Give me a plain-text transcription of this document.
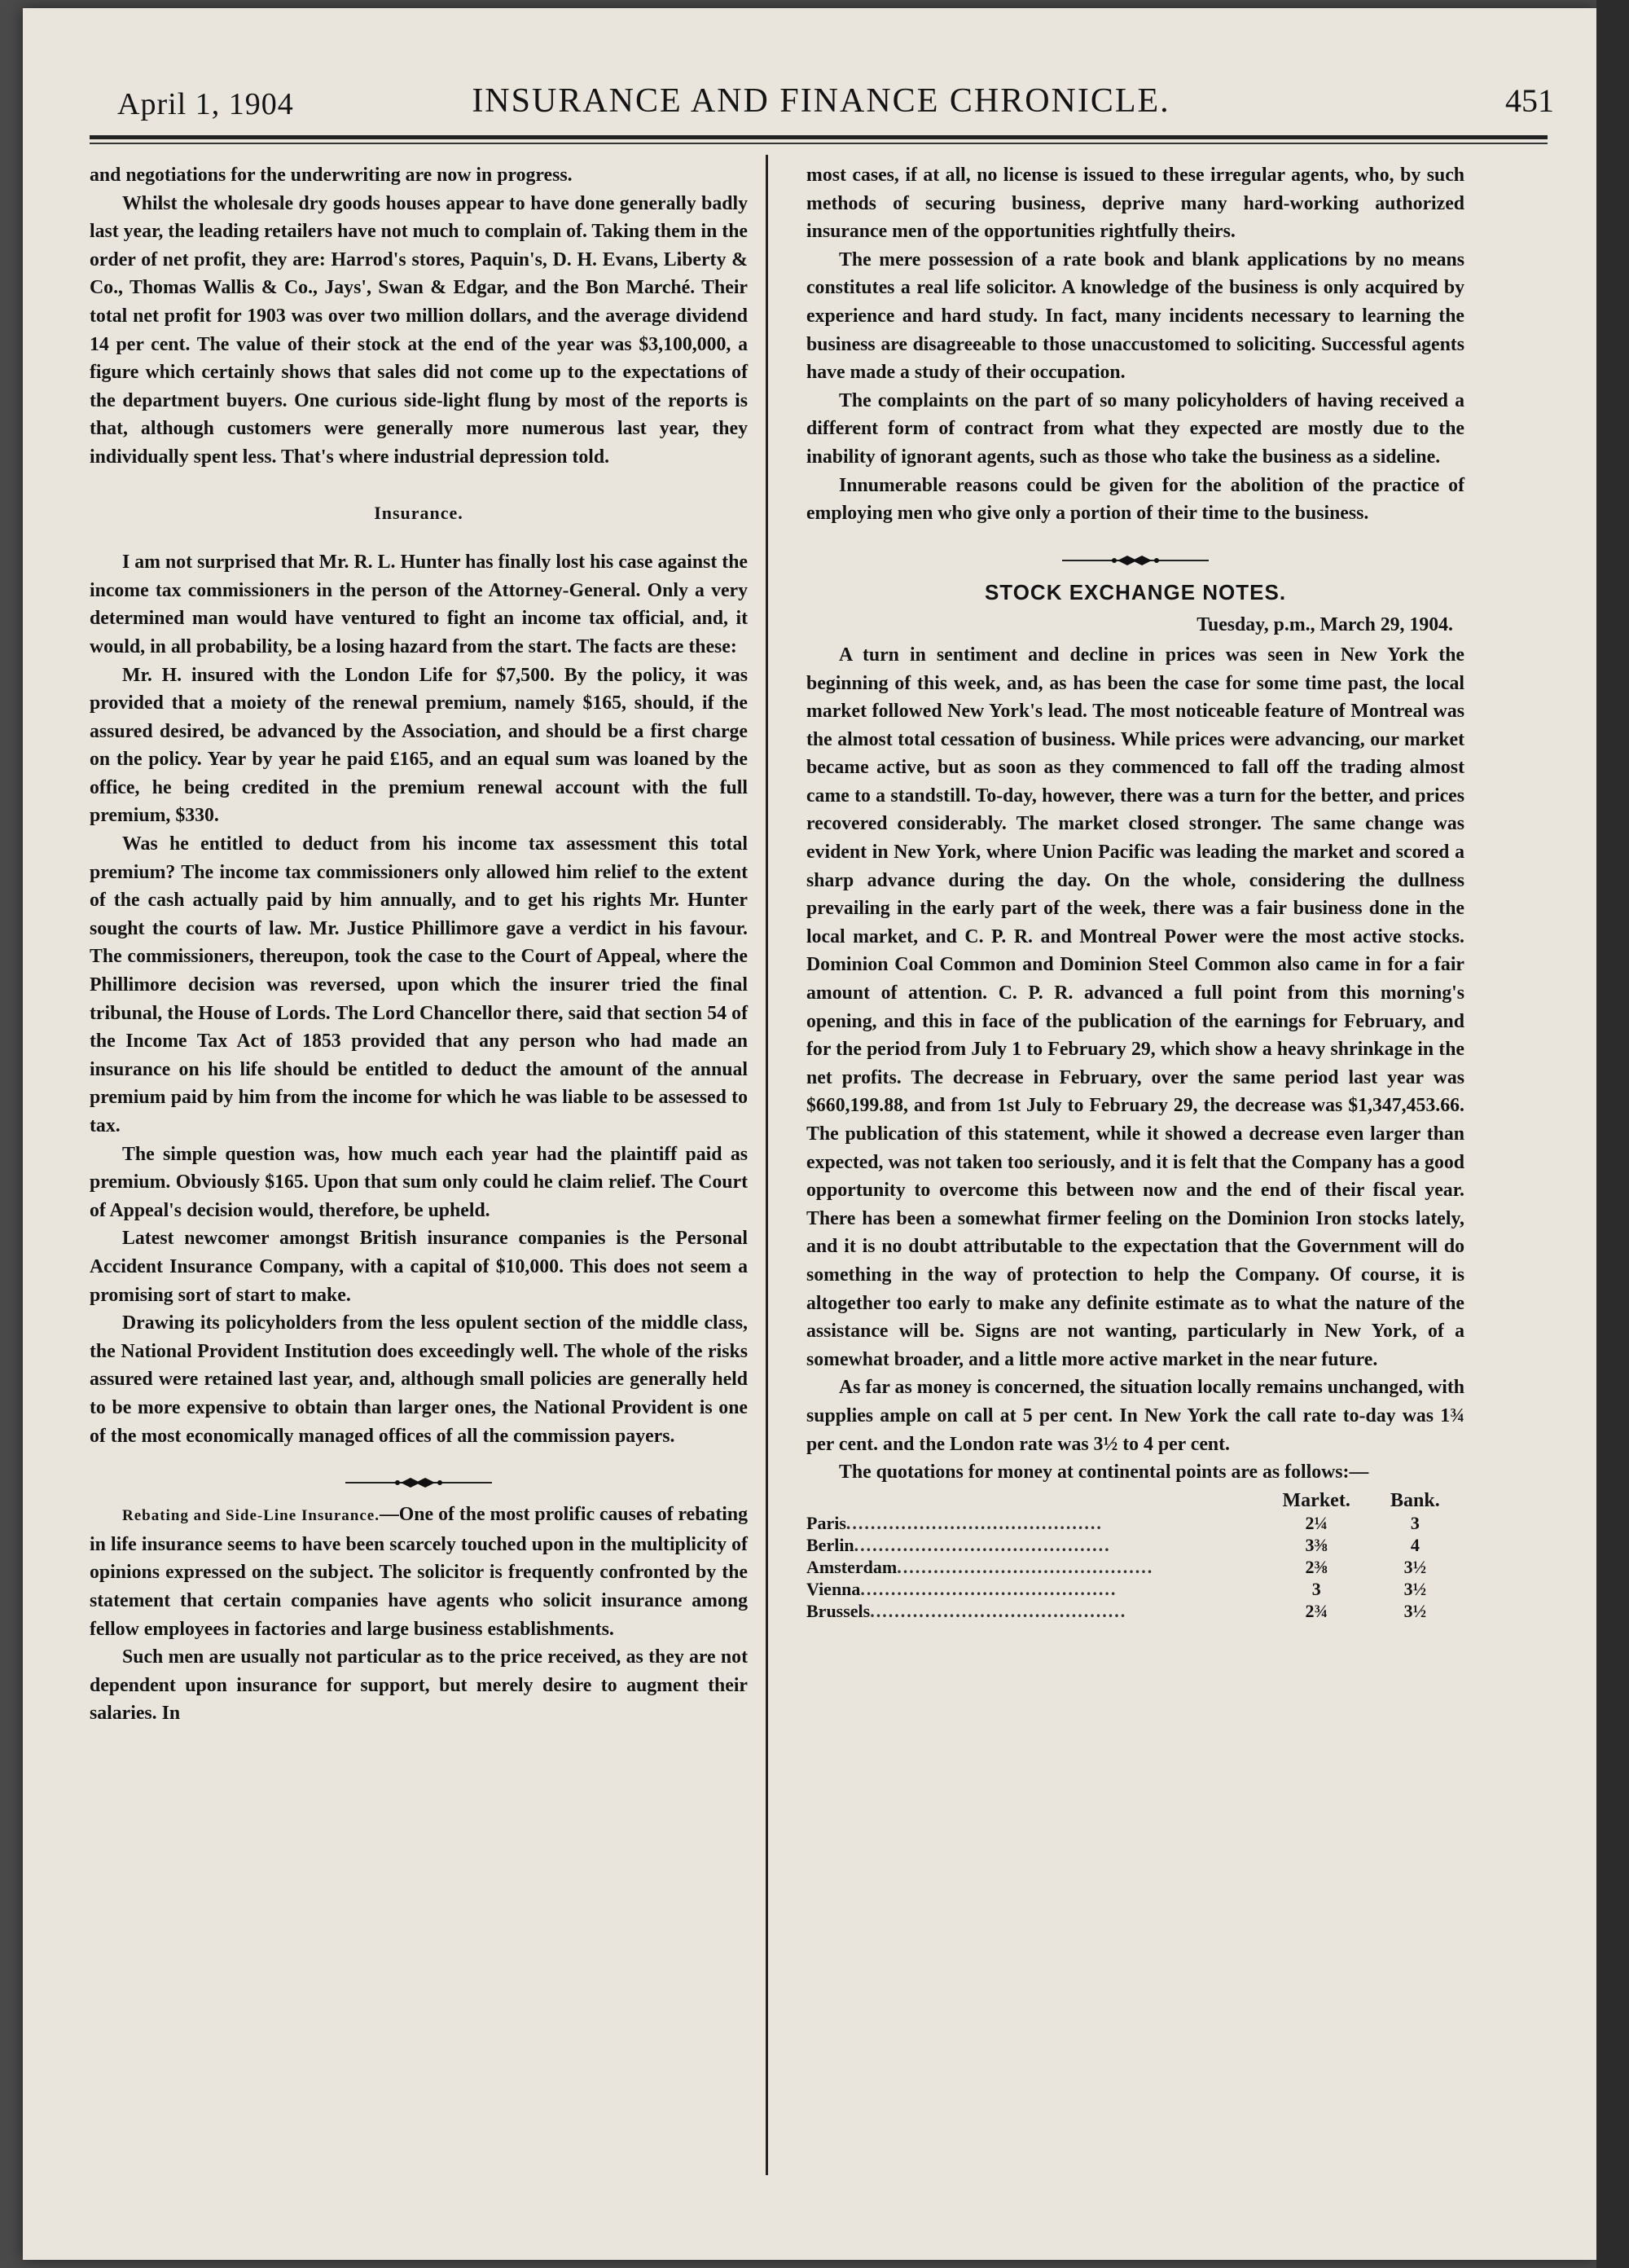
April 1, 1904	INSURANCE AND FINANCE CHRONICLE.	451

and negotiations for the underwriting are now in progress.

Whilst the wholesale dry goods houses appear to have done generally badly last year, the leading retailers have not much to complain of. Taking them in the order of net profit, they are: Harrod's stores, Paquin's, D. H. Evans, Liberty & Co., Thomas Wallis & Co., Jays', Swan & Edgar, and the Bon Marché. Their total net profit for 1903 was over two million dollars, and the average dividend 14 per cent. The value of their stock at the end of the year was $3,100,000, a figure which certainly shows that sales did not come up to the expectations of the department buyers. One curious side-light flung by most of the reports is that, although customers were generally more numerous last year, they individually spent less. That's where industrial depression told.

Insurance.

I am not surprised that Mr. R. L. Hunter has finally lost his case against the income tax commissioners in the person of the Attorney-General. Only a very determined man would have ventured to fight an income tax official, and, it would, in all probability, be a losing hazard from the start. The facts are these:

Mr. H. insured with the London Life for $7,500. By the policy, it was provided that a moiety of the renewal premium, namely $165, should, if the assured desired, be advanced by the Association, and should be a first charge on the policy. Year by year he paid £165, and an equal sum was loaned by the office, he being credited in the premium renewal account with the full premium, $330.

Was he entitled to deduct from his income tax assessment this total premium? The income tax commissioners only allowed him relief to the extent of the cash actually paid by him annually, and to get his rights Mr. Hunter sought the courts of law. Mr. Justice Phillimore gave a verdict in his favour. The commissioners, thereupon, took the case to the Court of Appeal, where the Phillimore decision was reversed, upon which the insurer tried the final tribunal, the House of Lords. The Lord Chancellor there, said that section 54 of the Income Tax Act of 1853 provided that any person who had made an insurance on his life should be entitled to deduct the amount of the annual premium paid by him from the income for which he was liable to be assessed to tax.

The simple question was, how much each year had the plaintiff paid as premium. Obviously $165. Upon that sum only could he claim relief. The Court of Appeal's decision would, therefore, be upheld.

Latest newcomer amongst British insurance companies is the Personal Accident Insurance Company, with a capital of $10,000. This does not seem a promising sort of start to make.

Drawing its policyholders from the less opulent section of the middle class, the National Provident Institution does exceedingly well. The whole of the risks assured were retained last year, and, although small policies are generally held to be more expensive to obtain than larger ones, the National Provident is one of the most economically managed offices of all the commission payers.

Rebating and Side-Line Insurance.—One of the most prolific causes of rebating in life insurance seems to have been scarcely touched upon in the multiplicity of opinions expressed on the subject. The solicitor is frequently confronted by the statement that certain companies have agents who solicit insurance among fellow employees in factories and large business establishments.

Such men are usually not particular as to the price received, as they are not dependent upon insurance for support, but merely desire to augment their salaries. In

most cases, if at all, no license is issued to these irregular agents, who, by such methods of securing business, deprive many hard-working authorized insurance men of the opportunities rightfully theirs.

The mere possession of a rate book and blank applications by no means constitutes a real life solicitor. A knowledge of the business is only acquired by experience and hard study. In fact, many incidents necessary to learning the business are disagreeable to those unaccustomed to soliciting. Successful agents have made a study of their occupation.

The complaints on the part of so many policyholders of having received a different form of contract from what they expected are mostly due to the inability of ignorant agents, such as those who take the business as a sideline.

Innumerable reasons could be given for the abolition of the practice of employing men who give only a portion of their time to the business.

STOCK EXCHANGE NOTES.
Tuesday, p.m., March 29, 1904.

A turn in sentiment and decline in prices was seen in New York the beginning of this week, and, as has been the case for some time past, the local market followed New York's lead. The most noticeable feature of Montreal was the almost total cessation of business. While prices were advancing, our market became active, but as soon as they commenced to fall off the trading almost came to a standstill. To-day, however, there was a turn for the better, and prices recovered considerably. The market closed stronger. The same change was evident in New York, where Union Pacific was leading the market and scored a sharp advance during the day. On the whole, considering the dullness prevailing in the early part of the week, there was a fair business done in the local market, and C. P. R. and Montreal Power were the most active stocks. Dominion Coal Common and Dominion Steel Common also came in for a fair amount of attention. C. P. R. advanced a full point from this morning's opening, and this in face of the publication of the earnings for February, and for the period from July 1 to February 29, which show a heavy shrinkage in the net profits. The decrease in February, over the same period last year was $660,199.88, and from 1st July to February 29, the decrease was $1,347,453.66. The publication of this statement, while it showed a decrease even larger than expected, was not taken too seriously, and it is felt that the Company has a good opportunity to overcome this between now and the end of their fiscal year. There has been a somewhat firmer feeling on the Dominion Iron stocks lately, and it is no doubt attributable to the expectation that the Government will do something in the way of protection to help the Company. Of course, it is altogether too early to make any definite estimate as to what the nature of the assistance will be. Signs are not wanting, particularly in New York, of a somewhat broader, and a little more active market in the near future.

As far as money is concerned, the situation locally remains unchanged, with supplies ample on call at 5 per cent. In New York the call rate to-day was 1¾ per cent. and the London rate was 3½ to 4 per cent.

The quotations for money at continental points are as follows:—

	Market.	Bank.
Paris..........................................	2¼	3
Berlin..........................................	3⅜	4
Amsterdam..........................................	2⅜	3½
Vienna..........................................	3	3½
Brussels..........................................	2¾	3½
